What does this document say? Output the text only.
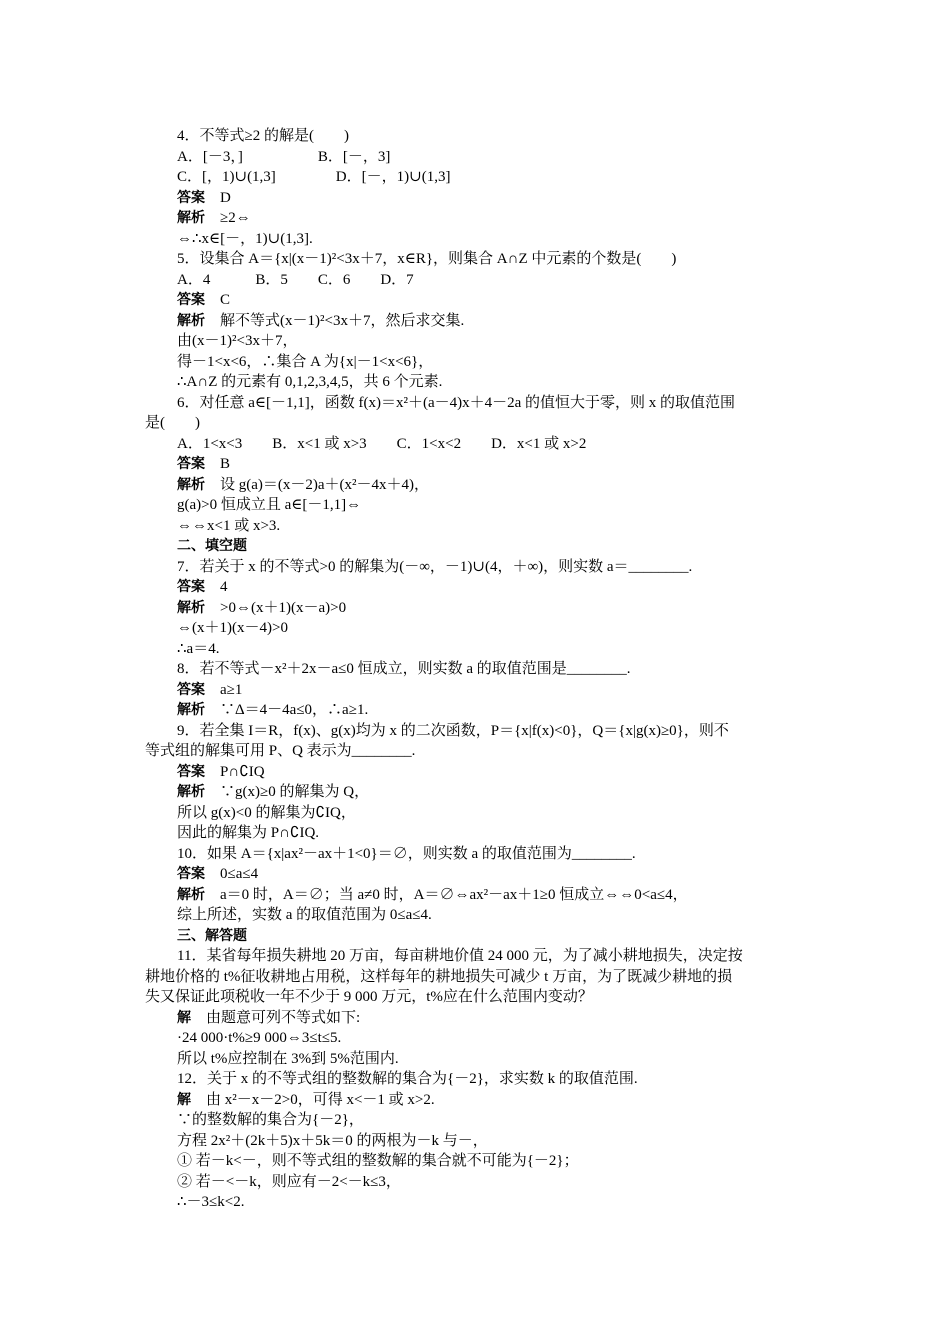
4．不等式≥2 的解是(　　)
A．[－3，]　　　　　B．[－，3]
C．[，1)∪(1,3]　　　　D．[－，1)∪(1,3]
答案　 D
解析　 ≥2⇔
⇔∴x∈[－，1)∪(1,3].
5．设集合 A＝{x|(x－1)²<3x＋7，x∈R}，则集合 A∩Z 中元素的个数是(　　)
A．4　　　B．5　　C．6　　D．7
答案　 C
解析　 解不等式(x－1)²<3x＋7，然后求交集.
由(x－1)²<3x＋7，
得－1<x<6，∴集合 A 为{x|－1<x<6}，
∴A∩Z 的元素有 0,1,2,3,4,5，共 6 个元素.
6．对任意 a∈[－1,1]，函数 f(x)＝x²＋(a－4)x＋4－2a 的值恒大于零，则 x 的取值范围
是(　　)
A．1<x<3　　B．x<1 或 x>3　　C．1<x<2　　D．x<1 或 x>2
答案　 B
解析　 设 g(a)＝(x－2)a＋(x²－4x＋4)，
g(a)>0 恒成立且 a∈[－1,1]⇔
⇔⇔x<1 或 x>3.
二、填空题
7．若关于 x 的不等式>0 的解集为(－∞，－1)∪(4，＋∞)，则实数 a＝________.
答案　 4
解析　 >0⇔(x＋1)(x－a)>0
⇔(x＋1)(x－4)>0
∴a＝4.
8．若不等式－x²＋2x－a≤0 恒成立，则实数 a 的取值范围是________.
答案　 a≥1
解析　 ∵Δ＝4－4a≤0，∴a≥1.
9．若全集 I＝R，f(x)、g(x)均为 x 的二次函数，P＝{x|f(x)<0}，Q＝{x|g(x)≥0}，则不
等式组的解集可用 P、Q 表示为________.
答案　 P∩∁IQ
解析　 ∵g(x)≥0 的解集为 Q，
所以 g(x)<0 的解集为∁IQ，
因此的解集为 P∩∁IQ.
10．如果 A＝{x|ax²－ax＋1<0}＝∅，则实数 a 的取值范围为________.
答案　 0≤a≤4
解析　 a＝0 时，A＝∅；当 a≠0 时，A＝∅⇔ax²－ax＋1≥0 恒成立⇔⇔0<a≤4，
综上所述，实数 a 的取值范围为 0≤a≤4.
三、解答题
11．某省每年损失耕地 20 万亩，每亩耕地价值 24 000 元，为了减小耕地损失，决定按
耕地价格的 t%征收耕地占用税，这样每年的耕地损失可减少 t 万亩，为了既减少耕地的损
失又保证此项税收一年不少于 9 000 万元，t%应在什么范围内变动？
解　 由题意可列不等式如下:
·24 000·t%≥9 000⇔3≤t≤5.
所以 t%应控制在 3%到 5%范围内.
12．关于 x 的不等式组的整数解的集合为{－2}，求实数 k 的取值范围.
解　 由 x²－x－2>0，可得 x<－1 或 x>2.
∵的整数解的集合为{－2}，
方程 2x²＋(2k＋5)x＋5k＝0 的两根为－k 与－，
① 若－k<－，则不等式组的整数解的集合就不可能为{－2}；
② 若－<－k，则应有－2<－k≤3，
∴－3≤k<2.
